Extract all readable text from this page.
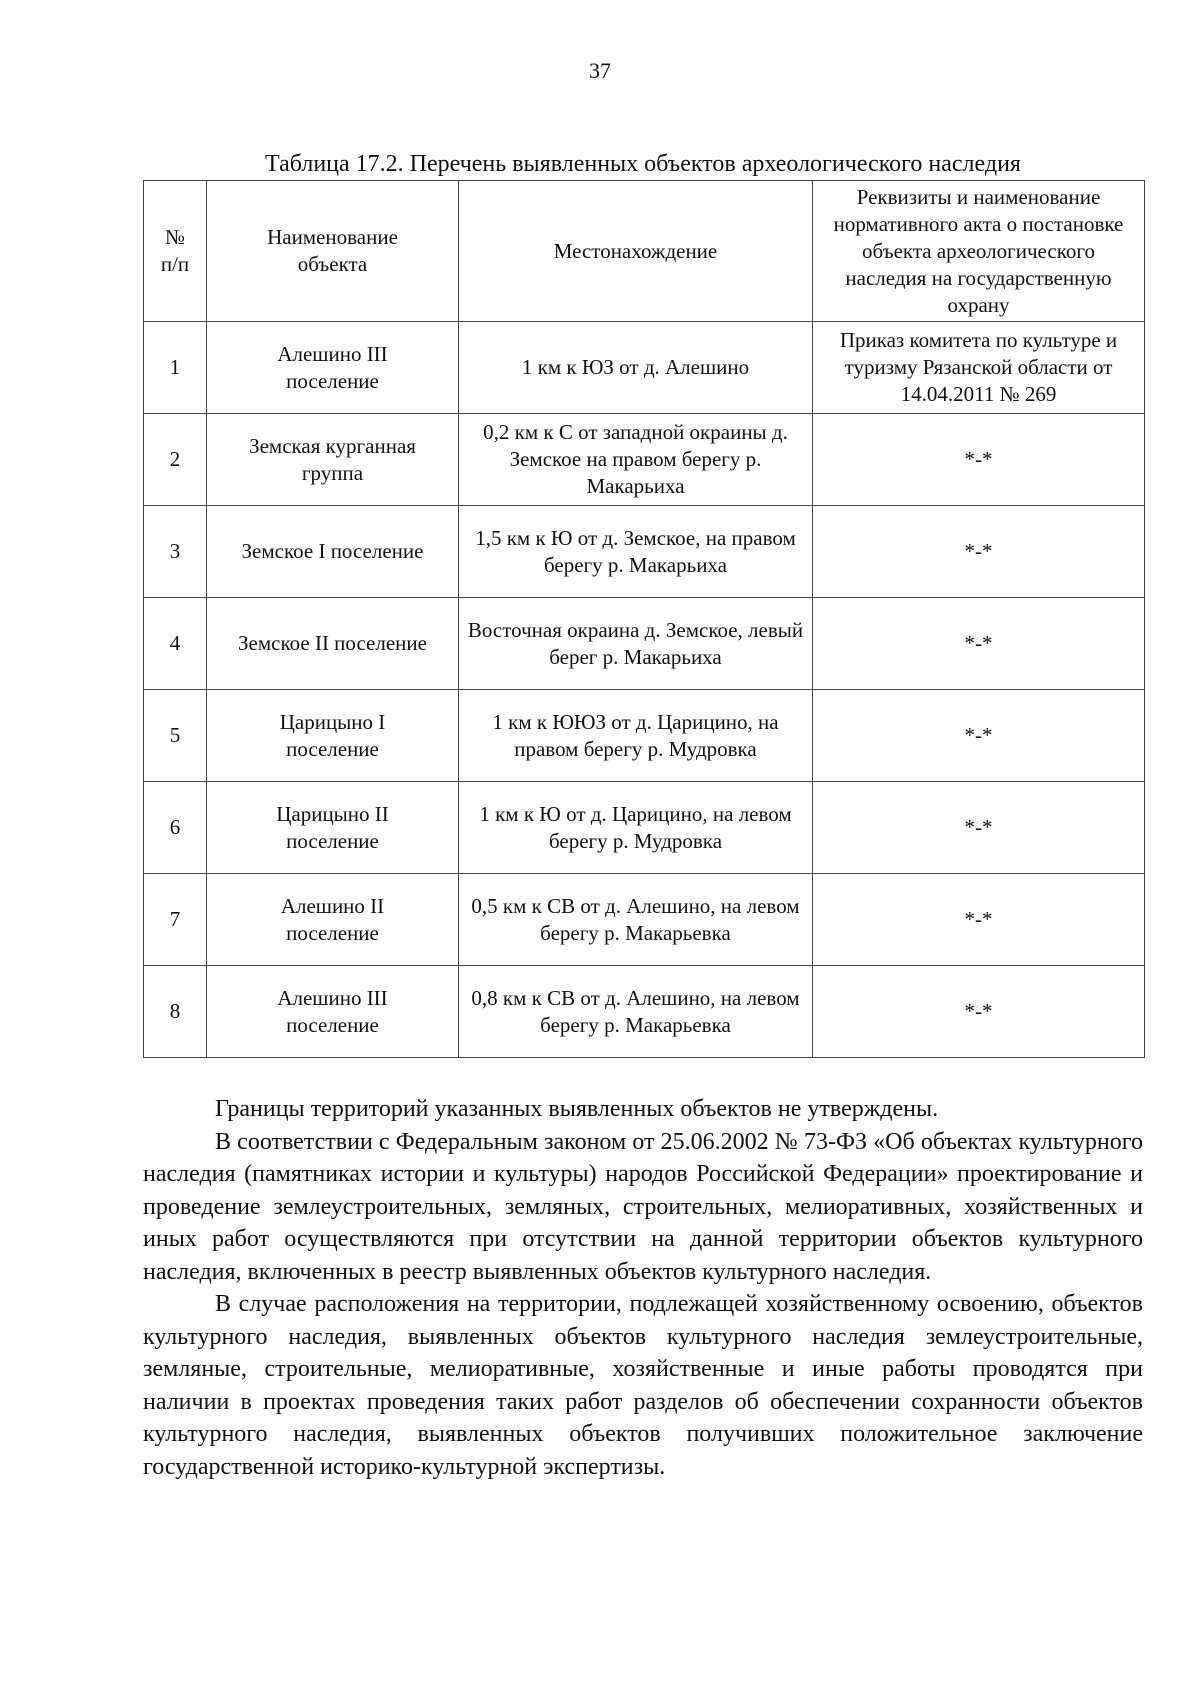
37
Таблица 17.2. Перечень выявленных объектов археологического наследия
№ п/п	Наименование объекта	Местонахождение	Реквизиты и наименование нормативного акта о постановке объекта археологического наследия на государственную охрану
1	Алешино III поселение	1 км к ЮЗ от д. Алешино	Приказ комитета по культуре и туризму Рязанской области от 14.04.2011 № 269
2	Земская курганная группа	0,2 км к С от западной окраины д. Земское на правом берегу р. Макарьиха	*-*
3	Земское I поселение	1,5 км к Ю от д. Земское, на правом берегу р. Макарьиха	*-*
4	Земское II поселение	Восточная окраина д. Земское, левый берег р. Макарьиха	*-*
5	Царицыно I поселение	1 км к ЮЮЗ от д. Царицино, на правом берегу р. Мудровка	*-*
6	Царицыно II поселение	1 км к Ю от д. Царицино, на левом берегу р. Мудровка	*-*
7	Алешино II поселение	0,5 км к СВ от д. Алешино, на левом берегу р. Макарьевка	*-*
8	Алешино III поселение	0,8 км к СВ от д. Алешино, на левом берегу р. Макарьевка	*-*

Границы территорий указанных выявленных объектов не утверждены.

В соответствии с Федеральным законом от 25.06.2002 № 73-ФЗ «Об объектах культурного наследия (памятниках истории и культуры) народов Российской Федерации» проектирование и проведение землеустроительных, земляных, строительных, мелиоративных, хозяйственных и иных работ осуществляются при отсутствии на данной территории объектов культурного наследия, включенных в реестр выявленных объектов культурного наследия.

В случае расположения на территории, подлежащей хозяйственному освоению, объектов культурного наследия, выявленных объектов культурного наследия землеустроительные, земляные, строительные, мелиоративные, хозяйственные и иные работы проводятся при наличии в проектах проведения таких работ разделов об обеспечении сохранности объектов культурного наследия, выявленных объектов получивших положительное заключение государственной историко-культурной экспертизы.
